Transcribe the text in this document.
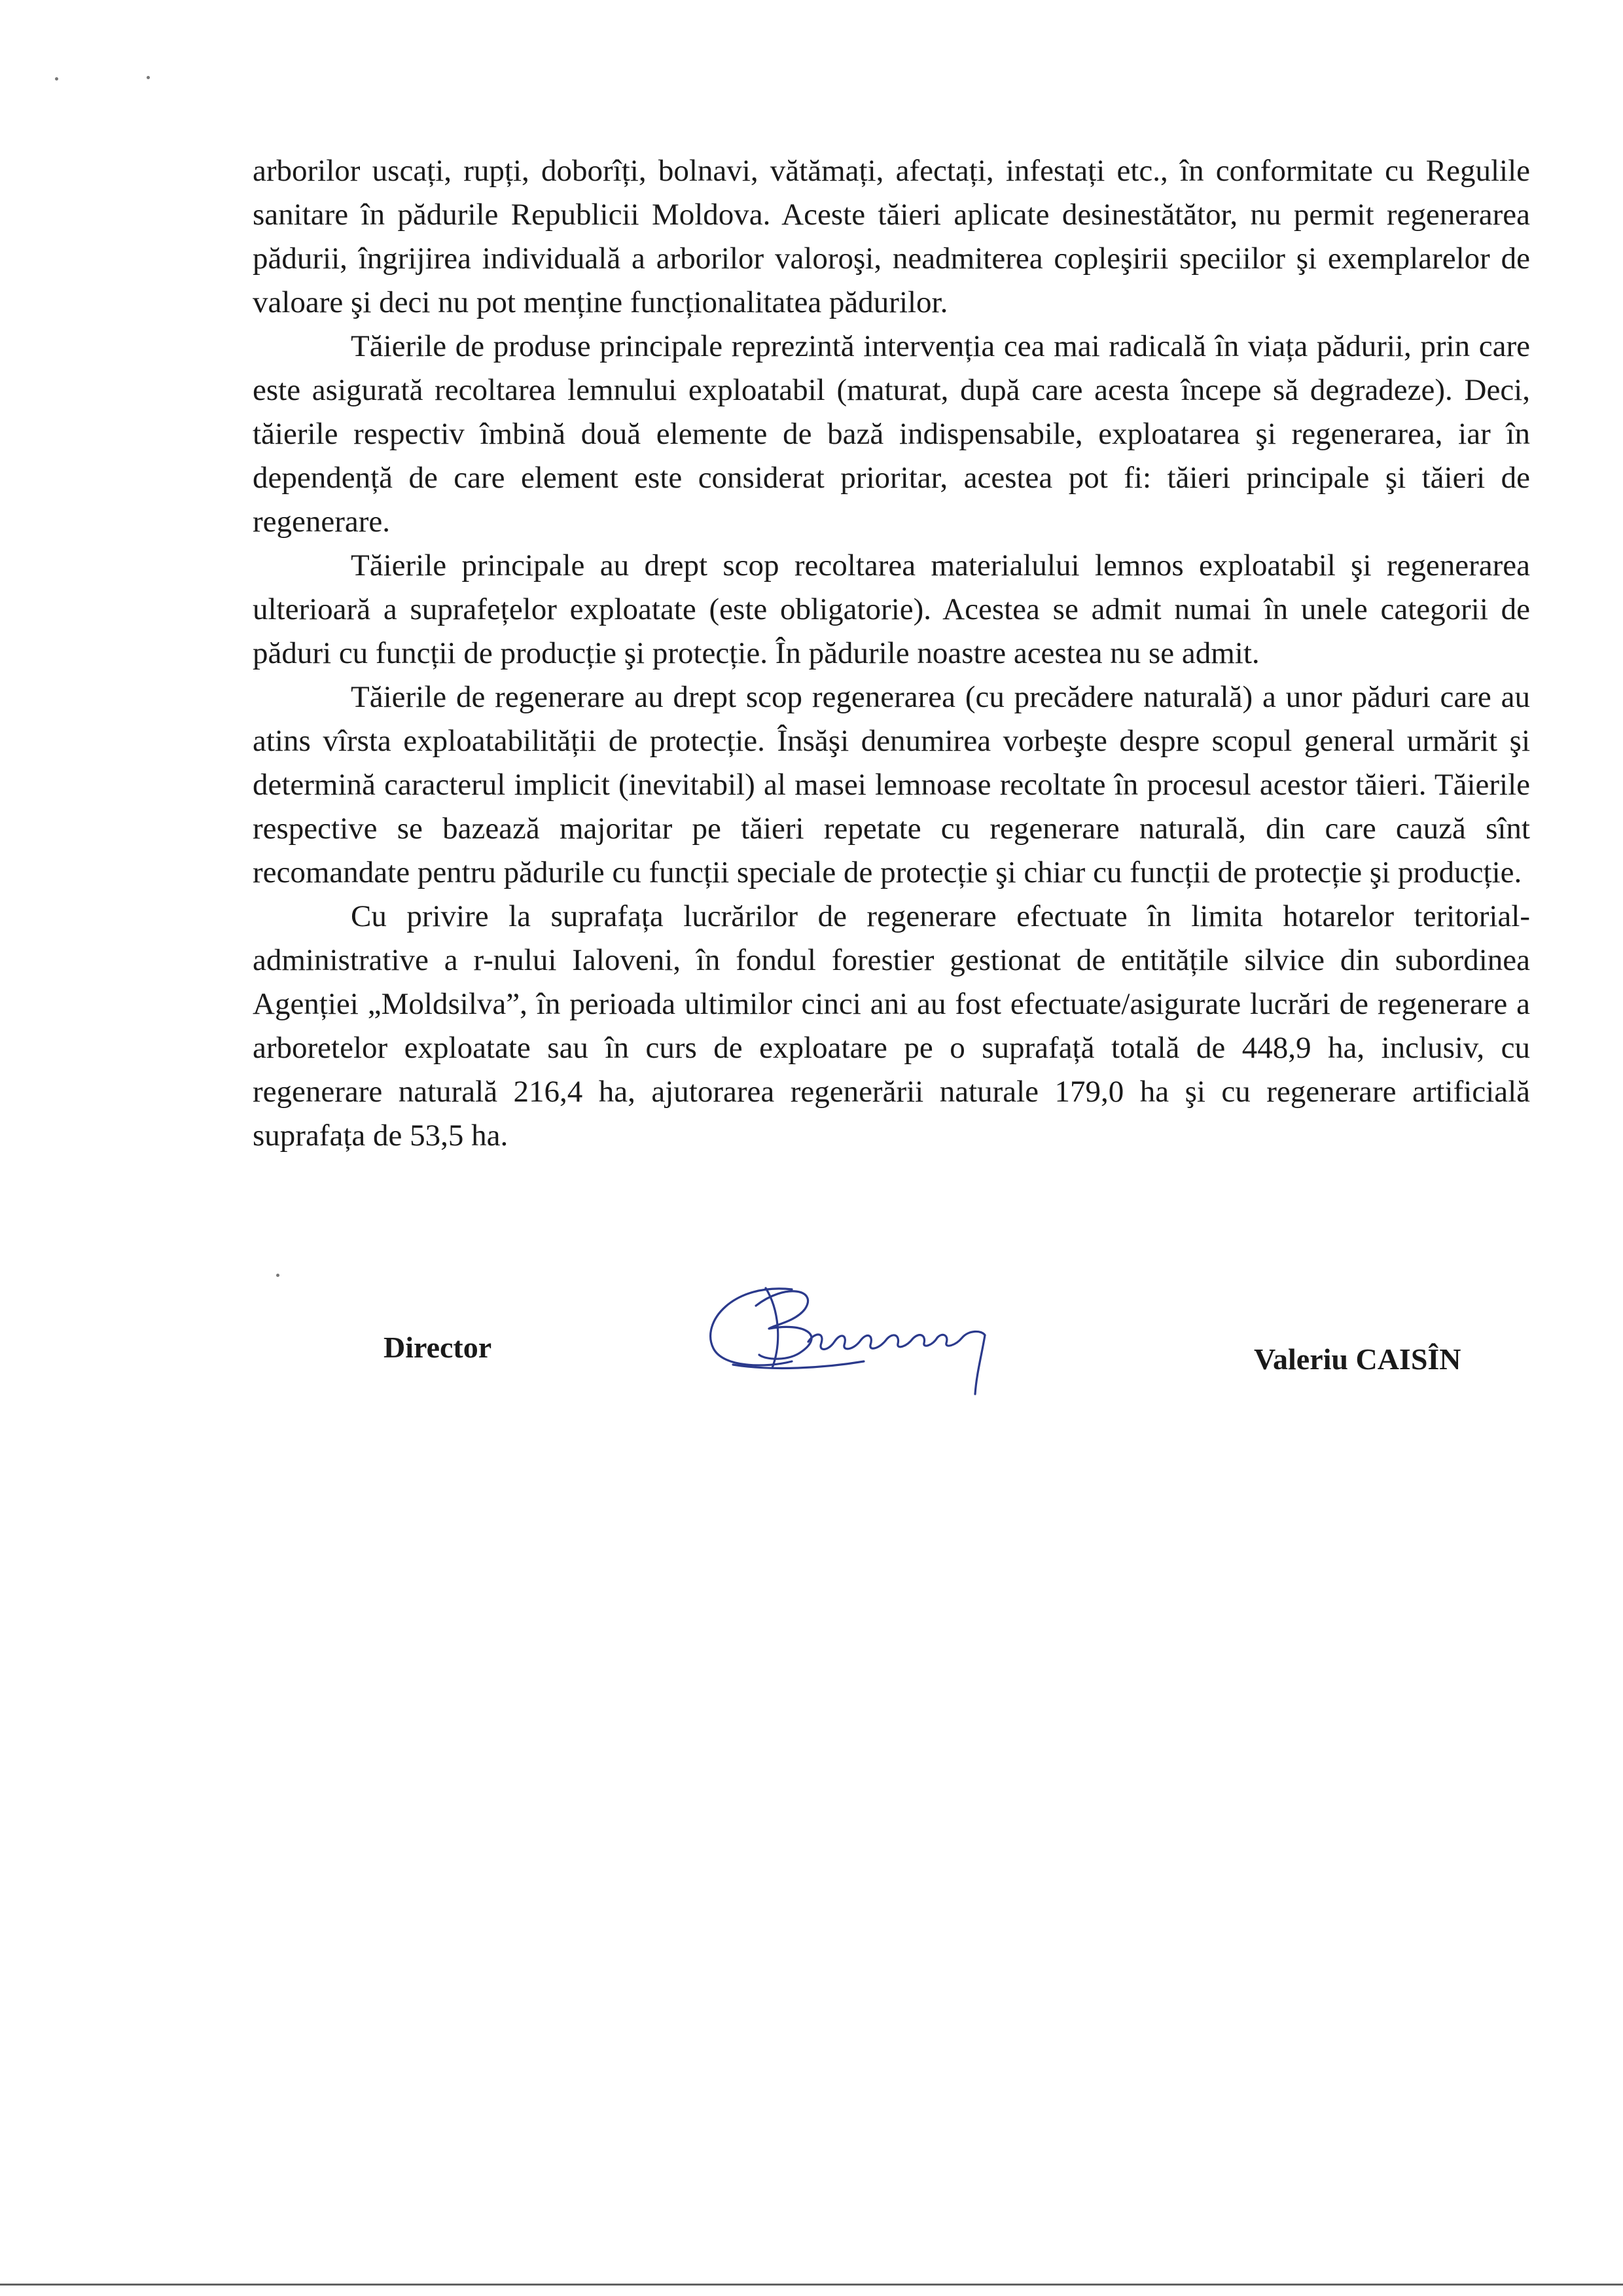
arborilor uscați, rupți, doborîți, bolnavi, vătămați, afectați, infestați etc., în conformitate cu Regulile sanitare în pădurile Republicii Moldova. Aceste tăieri aplicate desinestătător, nu permit regenerarea pădurii, îngrijirea individuală a arborilor valoroşi, neadmiterea copleşirii speciilor şi exemplarelor de valoare şi deci nu pot menține funcționalitatea pădurilor.

Tăierile de produse principale reprezintă intervenția cea mai radicală în viața pădurii, prin care este asigurată recoltarea lemnului exploatabil (maturat, după care acesta începe să degradeze). Deci, tăierile respectiv îmbină două elemente de bază indispensabile, exploatarea şi regenerarea, iar în dependență de care element este considerat prioritar, acestea pot fi: tăieri principale şi tăieri de regenerare.

Tăierile principale au drept scop recoltarea materialului lemnos exploatabil şi regenerarea ulterioară a suprafețelor exploatate (este obligatorie). Acestea se admit numai în unele categorii de păduri cu funcții de producție şi protecție. În pădurile noastre acestea nu se admit.

Tăierile de regenerare au drept scop regenerarea (cu precădere naturală) a unor păduri care au atins vîrsta exploatabilității de protecție. Însăşi denumirea vorbeşte despre scopul general urmărit şi determină caracterul implicit (inevitabil) al masei lemnoase recoltate în procesul acestor tăieri. Tăierile respective se bazează majoritar pe tăieri repetate cu regenerare naturală, din care cauză sînt recomandate pentru pădurile cu funcții speciale de protecție şi chiar cu funcții de protecție şi producție.

Cu privire la suprafața lucrărilor de regenerare efectuate în limita hotarelor teritorial-administrative a r-nului Ialoveni, în fondul forestier gestionat de entitățile silvice din subordinea Agenției „Moldsilva”, în perioada ultimilor cinci ani au fost efectuate/asigurate lucrări de regenerare a arboretelor exploatate sau în curs de exploatare pe o suprafață totală de 448,9 ha, inclusiv, cu regenerare naturală 216,4 ha, ajutorarea regenerării naturale 179,0 ha şi cu regenerare artificială suprafața de 53,5 ha.

Director	Valeriu CAISÎN
